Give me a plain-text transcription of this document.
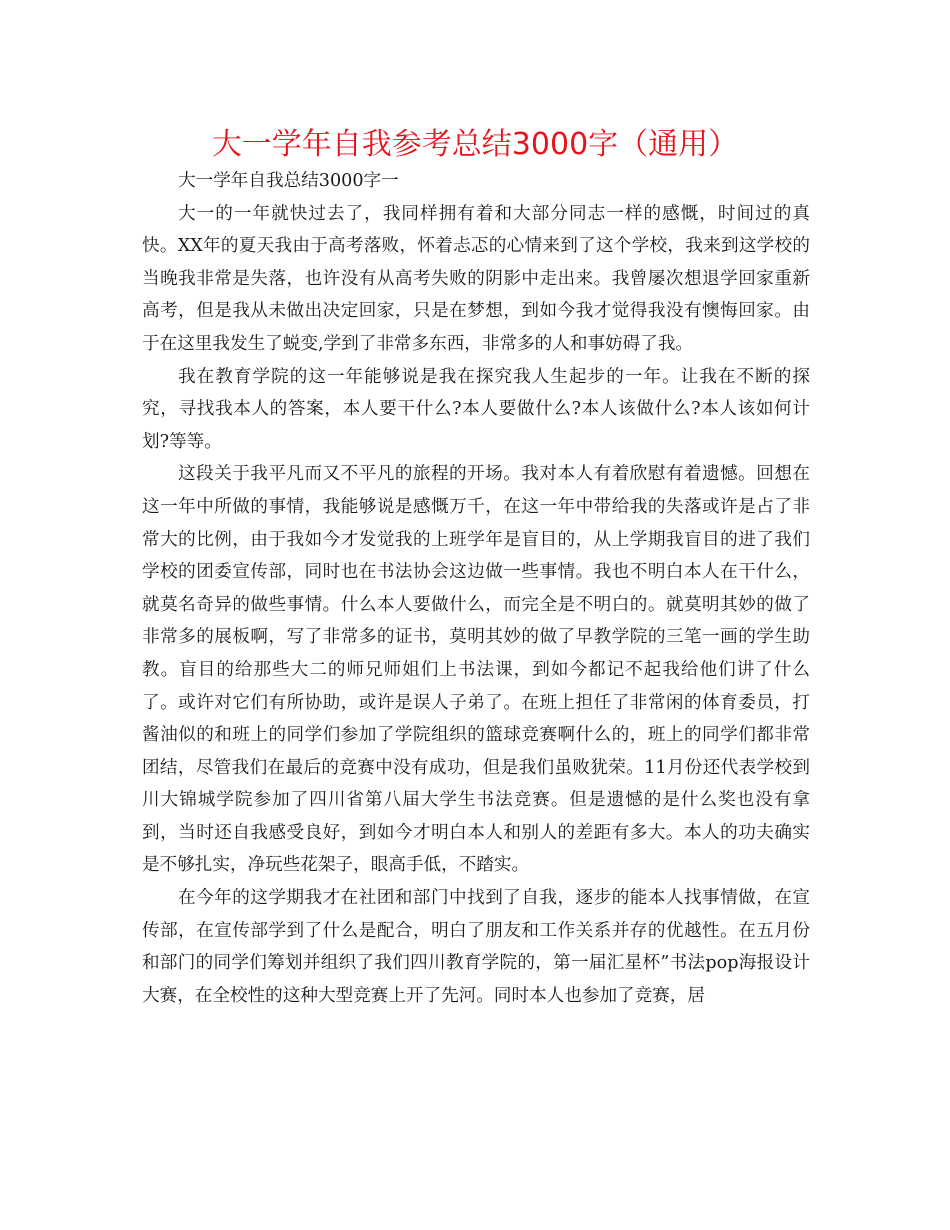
大一学年自我参考总结3000字（通用）

大一学年自我总结3000字一

大一的一年就快过去了，我同样拥有着和大部分同志一样的感慨，时间过的真快。XX年的夏天我由于高考落败，怀着忐忑的心情来到了这个学校，我来到这学校的当晚我非常是失落，也许没有从高考失败的阴影中走出来。我曾屡次想退学回家重新高考，但是我从未做出决定回家，只是在梦想，到如今我才觉得我没有懊悔回家。由于在这里我发生了蜕变,学到了非常多东西，非常多的人和事妨碍了我。

我在教育学院的这一年能够说是我在探究我人生起步的一年。让我在不断的探究，寻找我本人的答案，本人要干什么?本人要做什么?本人该做什么?本人该如何计划?等等。

这段关于我平凡而又不平凡的旅程的开场。我对本人有着欣慰有着遗憾。回想在这一年中所做的事情，我能够说是感慨万千，在这一年中带给我的失落或许是占了非常大的比例，由于我如今才发觉我的上班学年是盲目的，从上学期我盲目的进了我们学校的团委宣传部，同时也在书法协会这边做一些事情。我也不明白本人在干什么，就莫名奇异的做些事情。什么本人要做什么，而完全是不明白的。就莫明其妙的做了非常多的展板啊，写了非常多的证书，莫明其妙的做了早教学院的三笔一画的学生助教。盲目的给那些大二的师兄师姐们上书法课，到如今都记不起我给他们讲了什么了。或许对它们有所协助，或许是误人子弟了。在班上担任了非常闲的体育委员，打酱油似的和班上的同学们参加了学院组织的篮球竞赛啊什么的，班上的同学们都非常团结，尽管我们在最后的竞赛中没有成功，但是我们虽败犹荣。11月份还代表学校到川大锦城学院参加了四川省第八届大学生书法竞赛。但是遗憾的是什么奖也没有拿到，当时还自我感受良好，到如今才明白本人和别人的差距有多大。本人的功夫确实是不够扎实，净玩些花架子，眼高手低，不踏实。

在今年的这学期我才在社团和部门中找到了自我，逐步的能本人找事情做，在宣传部，在宣传部学到了什么是配合，明白了朋友和工作关系并存的优越性。在五月份和部门的同学们筹划并组织了我们四川教育学院的，第一届汇星杯”书法pop海报设计大赛，在全校性的这种大型竞赛上开了先河。同时本人也参加了竞赛，居
